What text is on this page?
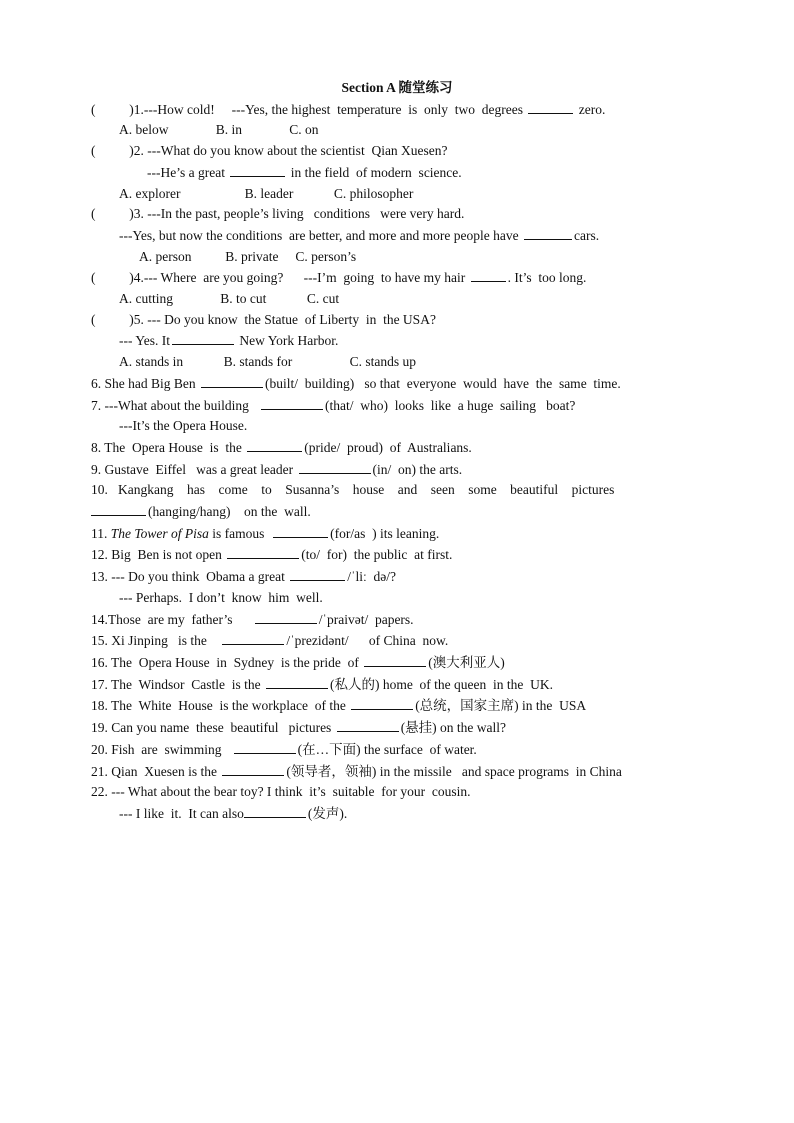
Section A 随堂练习
(          )1.---How cold!     ---Yes, the highest  temperature  is  only  two  degrees	zero.
A. below              B. in              C. on
(          )2. ---What do you know about the scientist  Qian Xuesen?
---He’s a great	in the field  of modern  science.
A. explorer                   B. leader            C. philosopher
(          )3. ---In the past, people’s living   conditions   were very hard.
---Yes, but now the conditions  are better, and more and more people have	cars.
A. person          B. private     C. person’s
(          )4.--- Where  are you going?      ---I’m  going  to have my hair	. It’s  too long.
A. cutting              B. to cut            C. cut
(          )5. --- Do you know  the Statue  of Liberty  in  the USA?
--- Yes. It	New York Harbor.
A. stands in            B. stands for                 C. stands up
6. She had Big Ben	(built/  building)   so that  everyone  would  have  the  same  time.
7. ---What about the building	(that/  who)  looks  like  a huge  sailing   boat?
---It’s the Opera House.
8. The  Opera House  is  the	(pride/  proud)  of  Australians.
9. Gustave  Eiffel   was a great leader	(in/  on) the arts.
10.   Kangkang    has    come    to    Susanna’s    house    and    seen    some    beautiful    pictures
(hanging/hang)    on the  wall.
11. The Tower of Pisa is famous	(for/as  ) its leaning.
12. Big  Ben is not open	(to/  for)  the public  at first.
13. --- Do you think  Obama a great	/ˈliː  də/?
--- Perhaps.  I don’t  know  him  well.
14.Those  are my  father’s	/ˈpraivət/  papers.
15. Xi Jinping   is the	/ˈprezidənt/      of China  now.
16. The  Opera House  in  Sydney  is the pride  of	(澳大利亚人)
17. The  Windsor  Castle  is the	(私人的) home  of the queen  in the  UK.
18. The  White  House  is the workplace  of the	(总统，国家主席) in the  USA
19. Can you name  these  beautiful   pictures	(悬挂) on the wall?
20. Fish  are  swimming	(在…下面) the surface  of water.
21. Qian  Xuesen is the	(领导者，领袖) in the missile   and space programs  in China
22. --- What about the bear toy? I think  it’s  suitable  for your  cousin.
--- I like  it.  It can also	(发声).
